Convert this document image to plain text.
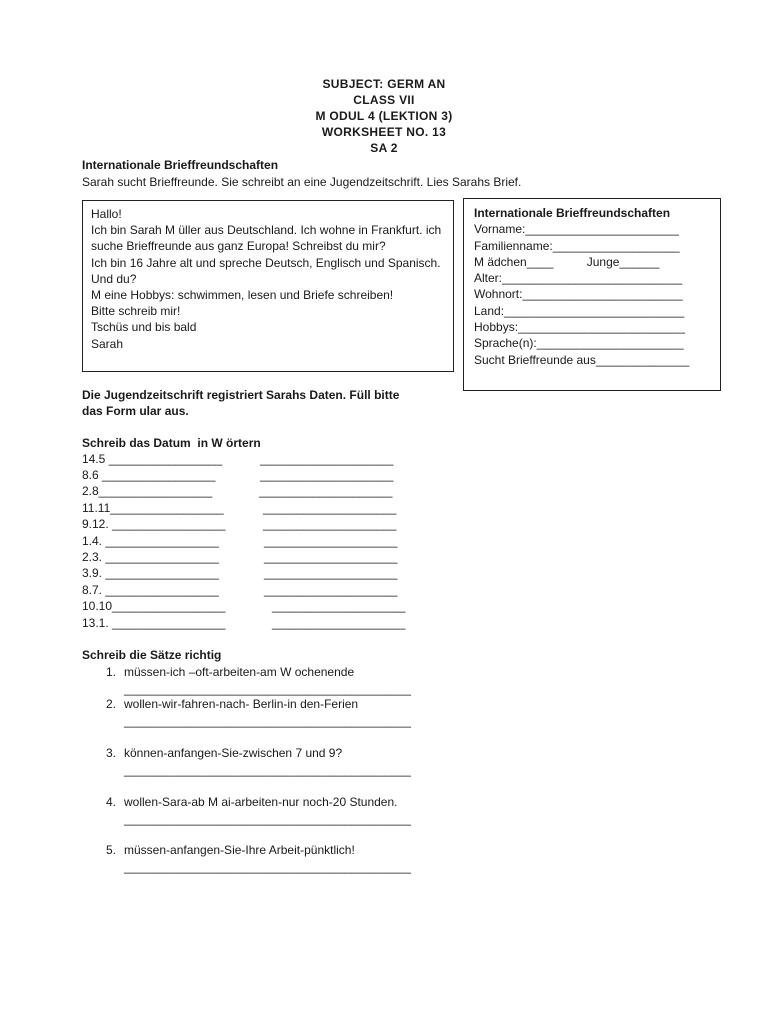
SUBJECT: GERM AN
CLASS VII
M ODUL 4 (LEKTION 3)
WORKSHEET NO. 13
SA 2
Internationale Brieffreundschaften
Sarah sucht Brieffreunde. Sie schreibt an eine Jugendzeitschrift. Lies Sarahs Brief.
Hallo!
Ich bin Sarah M üller aus Deutschland. Ich wohne in Frankfurt. ich
suche Brieffreunde aus ganz Europa! Schreibst du mir?
Ich bin 16 Jahre alt und spreche Deutsch, Englisch und Spanisch.
Und du?
M eine Hobbys: schwimmen, lesen und Briefe schreiben!
Bitte schreib mir!
Tschüs und bis bald
Sarah
Internationale Brieffreundschaften
Vorname:_______________________
Familienname:___________________
M ädchen____          Junge______
Alter:___________________________
Wohnort:________________________
Land:___________________________
Hobbys:_________________________
Sprache(n):______________________
Sucht Brieffreunde aus______________
Die Jugendzeitschrift registriert Sarahs Daten. Füll bitte
das Form ular aus.
Schreib das Datum  in W örtern
14.5 _________________	____________________
8.6 _________________	____________________
2.8_________________	____________________
11.11_________________	____________________
9.12. _________________	____________________
1.4. _________________	____________________
2.3. _________________	____________________
3.9. _________________	____________________
8.7. _________________	____________________
10.10_________________	____________________
13.1. _________________	____________________
Schreib die Sätze richtig
1. müssen-ich –oft-arbeiten-am W ochenende
___________________________________________
2. wollen-wir-fahren-nach- Berlin-in den-Ferien
___________________________________________
3. können-anfangen-Sie-zwischen 7 und 9?
___________________________________________
4. wollen-Sara-ab M ai-arbeiten-nur noch-20 Stunden.
___________________________________________
5. müssen-anfangen-Sie-Ihre Arbeit-pünktlich!
___________________________________________
